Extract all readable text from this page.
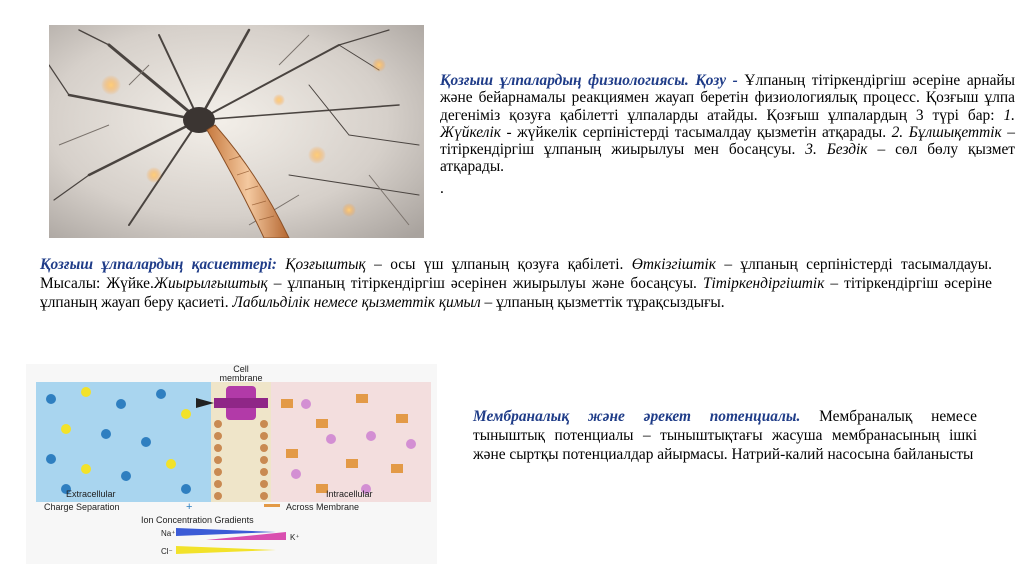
Қозғыш ұлпалардың физиологиясы. Қозу - Ұлпаның тітіркендіргіш әсеріне арнайы және бейарнамалы реакциямен жауап беретін физиологиялық процесс. Қозғыш ұлпа дегеніміз қозуға қабілетті ұлпаларды атайды. Қозғыш ұлпалардың 3 түрі бар: 1. Жүйкелік - жүйкелік серпіністерді тасымалдау қызметін атқарады. 2. Бұлшықеттік – тітіркендіргіш ұлпаның жиырылуы мен босаңсуы. 3. Бездік – сөл бөлу қызмет атқарады.
.
Қозғыш ұлпалардың қасиеттері: Қозғыштық – осы үш ұлпаның қозуға қабілеті. Өткізгіштік – ұлпаның серпіністерді тасымалдауы. Мысалы: Жүйке.Жиырылғыштық – ұлпаның тітіркендіргіш әсерінен жиырылуы және босаңсуы. Тітіркендіргіштік – тітіркендіргіш әсеріне ұлпаның жауап беру қасиеті. Лабильділік немесе қызметтік қимыл – ұлпаның қызметтік тұрақсыздығы.
Cell
membrane
Extracellular	Intracellular
Charge Separation	+	Across Membrane
Ion Concentration Gradients
Na⁺	K⁺
Cl⁻
Мембраналық және әрекет потенциалы. Мембраналық немесе тыныштық потенциалы – тыныштықтағы жасуша мембранасының ішкі және сыртқы потенциалдар айырмасы. Натрий-калий насосына байланысты
